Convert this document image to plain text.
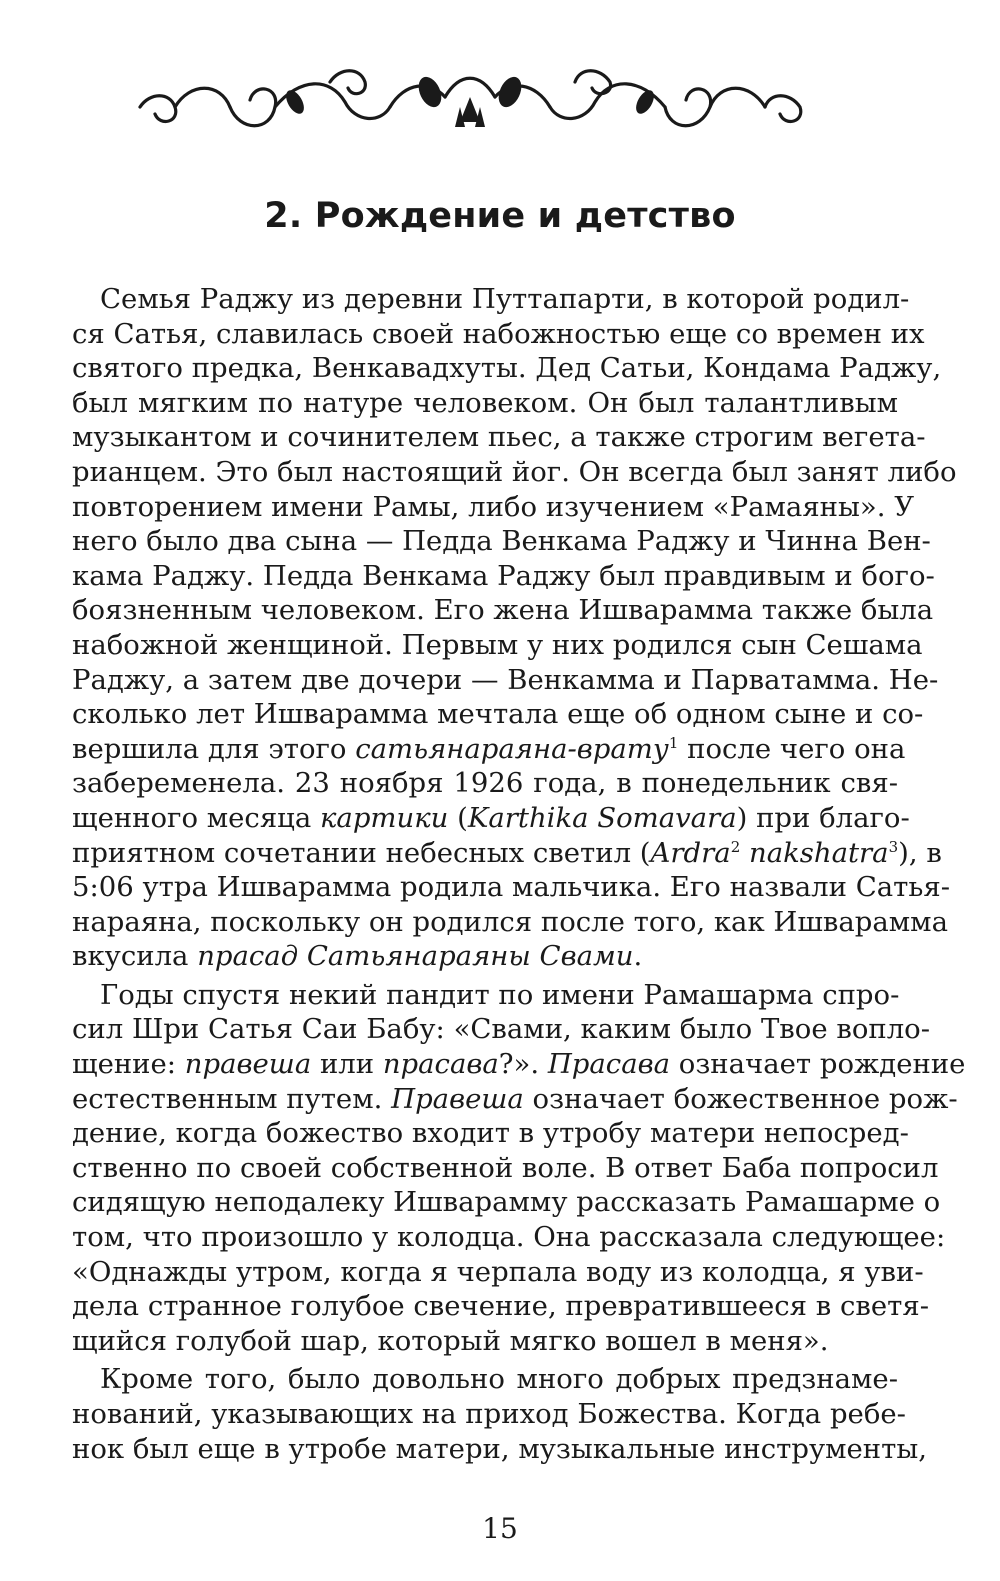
2. Рождение и детство
Семья Раджу из деревни Путтапарти, в которой родил-
ся Сатья, славилась своей набожностью еще со времен их
святого предка, Венкавадхуты. Дед Сатьи, Кондама Раджу,
был мягким по натуре человеком. Он был талантливым
музыкантом и сочинителем пьес, а также строгим вегета-
рианцем. Это был настоящий йог. Он всегда был занят либо
повторением имени Рамы, либо изучением «Рамаяны». У
него было два сына — Педда Венкама Раджу и Чинна Вен-
кама Раджу. Педда Венкама Раджу был правдивым и бого-
боязненным человеком. Его жена Ишварамма также была
набожной женщиной. Первым у них родился сын Сешама
Раджу, а затем две дочери — Венкамма и Парватамма. Не-
сколько лет Ишварамма мечтала еще об одном сыне и со-
вершила для этого сатьянараяна-врату$^1$ после чего она
забеременела. 23 ноября 1926 года, в понедельник свя-
щенного месяца картики (Karthika Somavara) при благо-
приятном сочетании небесных светил (Ardra$^2$ nakshatra$^3$), в
5:06 утра Ишварамма родила мальчика. Его назвали Сатья-
нараяна, поскольку он родился после того, как Ишварамма
вкусила прасад Сатьянараяны Свами.
Годы спустя некий пандит по имени Рамашарма спро-
сил Шри Сатья Саи Бабу: «Свами, каким было Твое вопло-
щение: правеша или прасава?». Прасава означает рождение
естественным путем. Правеша означает божественное рож-
дение, когда божество входит в утробу матери непосред-
ственно по своей собственной воле. В ответ Баба попросил
сидящую неподалеку Ишварамму рассказать Рамашарме о
том, что произошло у колодца. Она рассказала следующее:
«Однажды утром, когда я черпала воду из колодца, я уви-
дела странное голубое свечение, превратившееся в светя-
щийся голубой шар, который мягко вошел в меня».
Кроме того, было довольно много добрых предзнаме-
нований, указывающих на приход Божества. Когда ребе-
нок был еще в утробе матери, музыкальные инструменты,
15
